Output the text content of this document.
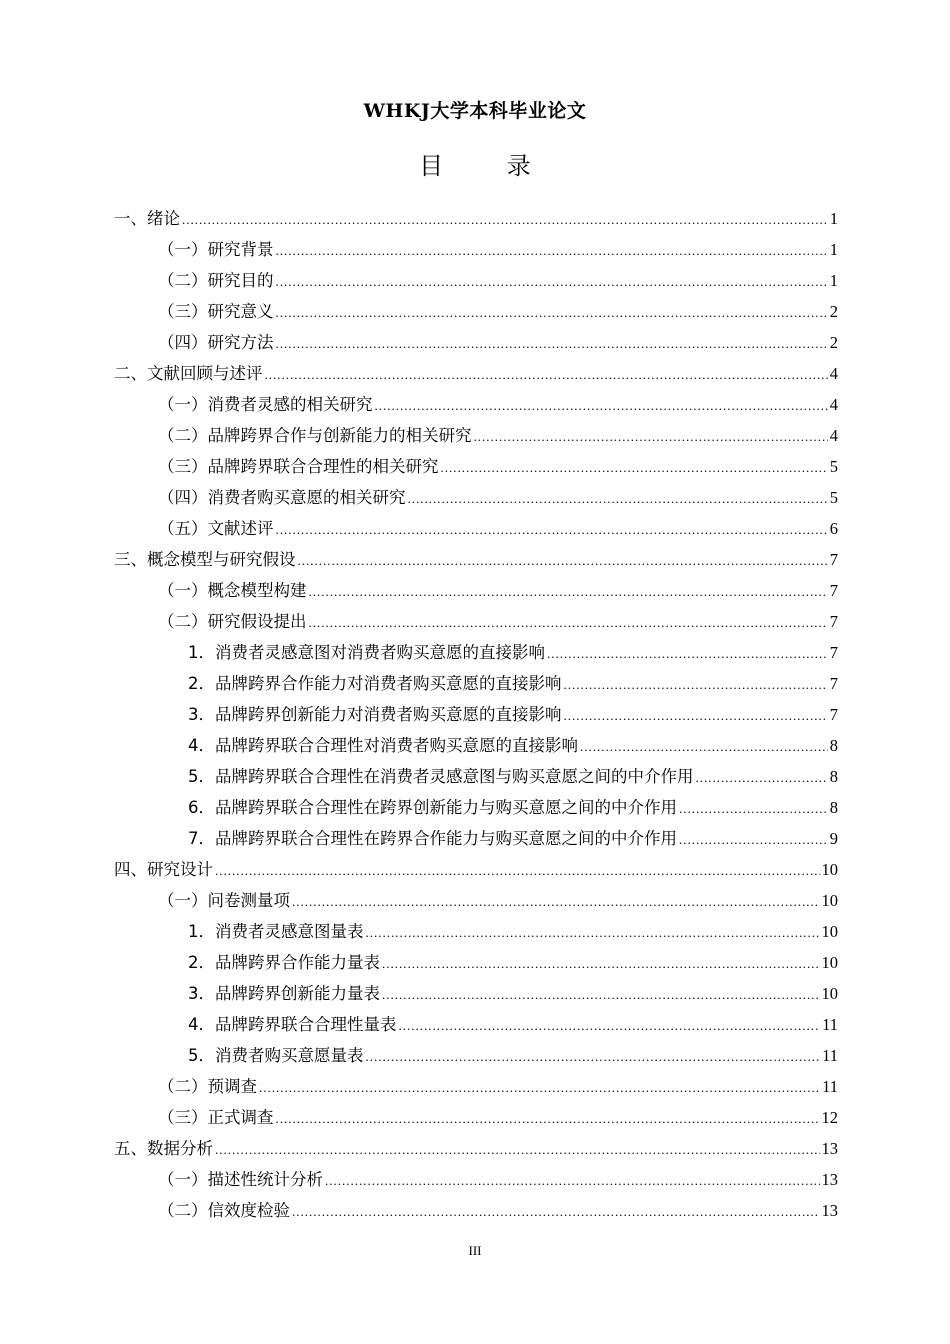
WHKJ大学本科毕业论文
目 录
一、绪论 .....	1
（一）研究背景 .....	1
（二）研究目的 .....	1
（三）研究意义 .....	2
（四）研究方法 .....	2
二、文献回顾与述评 .....	4
（一）消费者灵感的相关研究 .....	4
（二）品牌跨界合作与创新能力的相关研究 .....	4
（三）品牌跨界联合合理性的相关研究 .....	5
（四）消费者购买意愿的相关研究 .....	5
（五）文献述评 .....	6
三、概念模型与研究假设 .....	7
（一）概念模型构建 .....	7
（二）研究假设提出 .....	7
1．消费者灵感意图对消费者购买意愿的直接影响 .....	7
2．品牌跨界合作能力对消费者购买意愿的直接影响 .....	7
3．品牌跨界创新能力对消费者购买意愿的直接影响 .....	7
4．品牌跨界联合合理性对消费者购买意愿的直接影响 .....	8
5．品牌跨界联合合理性在消费者灵感意图与购买意愿之间的中介作用 .....	8
6．品牌跨界联合合理性在跨界创新能力与购买意愿之间的中介作用 .....	8
7．品牌跨界联合合理性在跨界合作能力与购买意愿之间的中介作用 .....	9
四、研究设计 .....	10
（一）问卷测量项 .....	10
1．消费者灵感意图量表 .....	10
2．品牌跨界合作能力量表 .....	10
3．品牌跨界创新能力量表 .....	10
4．品牌跨界联合合理性量表 .....	11
5．消费者购买意愿量表 .....	11
（二）预调查 .....	11
（三）正式调查 .....	12
五、数据分析 .....	13
（一）描述性统计分析 .....	13
（二）信效度检验 .....	13
III
